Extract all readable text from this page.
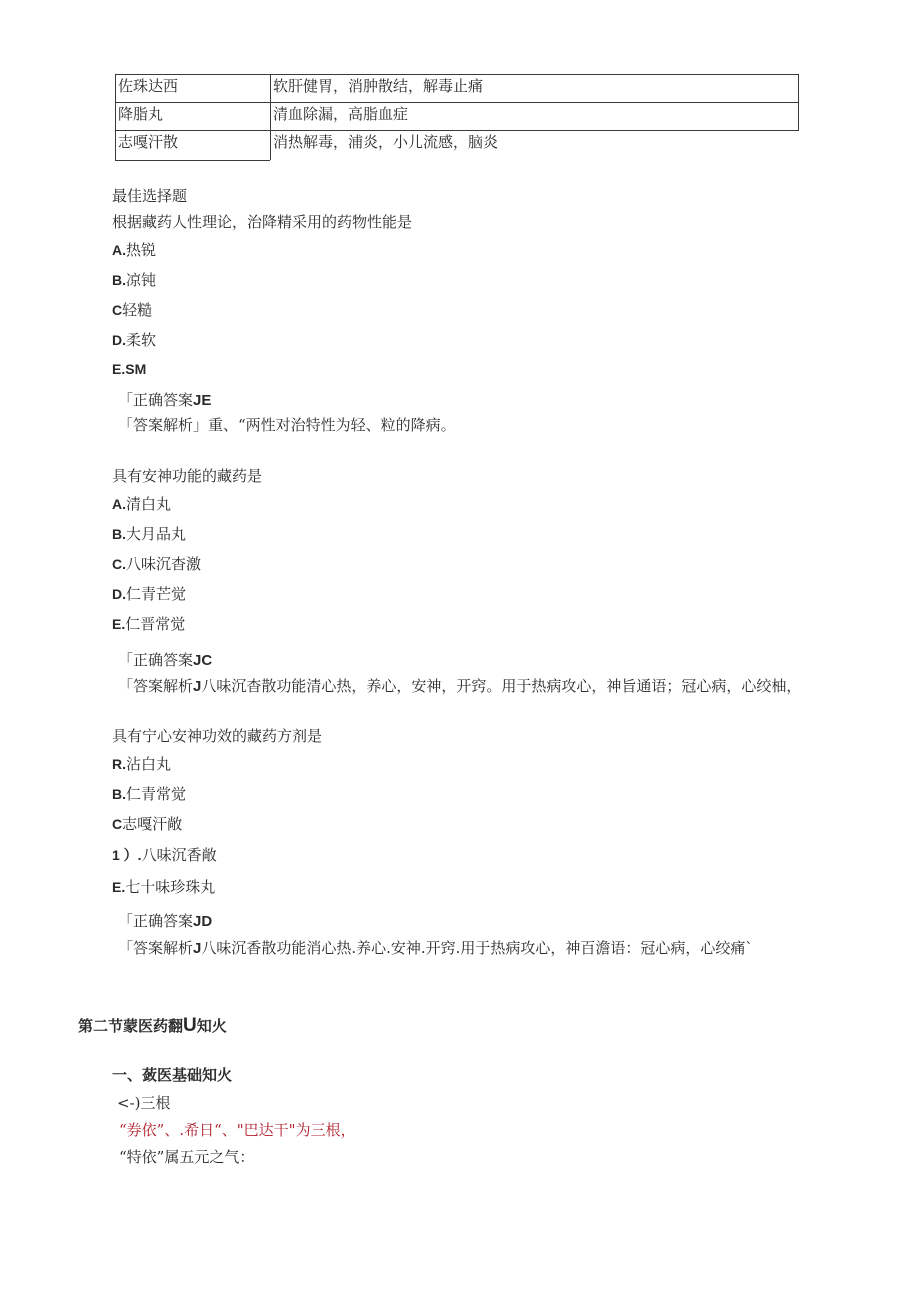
佐珠达西	软肝健胃，消肿散结，解毒止痛
降脂丸	清血除漏，高脂血症
志嘎汗散	消热解毒，浦炎，小儿流感，脑炎
最佳选择题
根据藏药人性理论，治降精采用的药物性能是
A.热锐
B.凉钝
C轻糙
D.柔软
E.SM
「正确答案JE
「答案解析」重、“两性对治特性为轻、粒的降病。
具有安神功能的藏药是
A.清白丸
B.大月品丸
C.八味沉杳激
D.仁青芒觉
E.仁晋常觉
「正确答案JC
「答案解析J八味沉杳散功能清心热，养心，安神，开窍。用于热病攻心，神旨通语；冠心病，心绞柚，
具有宁心安神功效的藏药方剂是
R.沾白丸
B.仁青常觉
C志嘎汗敞
1 ）.八味沉香敞
E.七十味珍珠丸
「正确答案JD
「答案解析J八味沉香散功能消心热.养心.安神.开窍.用于热病攻心，神百澹语：冠心病，心绞痛`
第二节蒙医药翻U知火
一、蔹医基础知火
<-)三根
“券依”、.希日“、"巴达干"为三根，
“特依”属五元之气：
